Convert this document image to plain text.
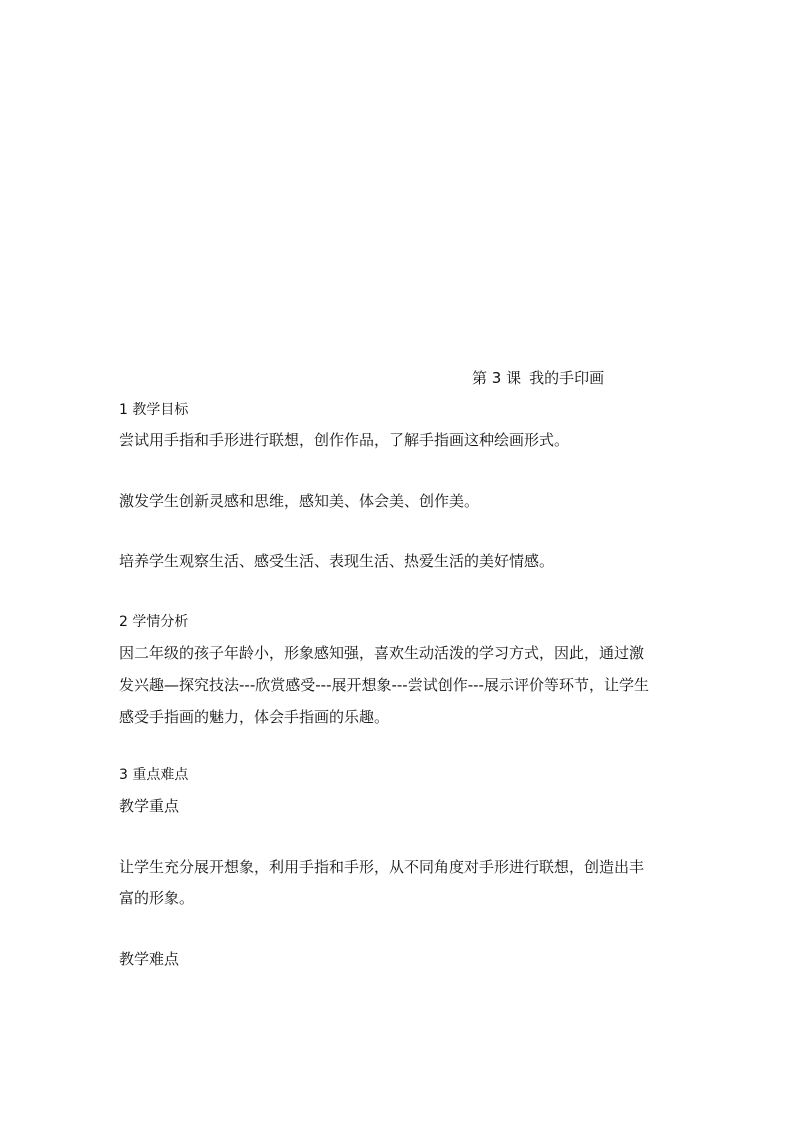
第 3 课 我的手印画
1 教学目标
尝试用手指和手形进行联想，创作作品，了解手指画这种绘画形式。
激发学生创新灵感和思维，感知美、体会美、创作美。
培养学生观察生活、感受生活、表现生活、热爱生活的美好情感。
2 学情分析
因二年级的孩子年龄小，形象感知强，喜欢生动活泼的学习方式，因此，通过激
发兴趣—探究技法---欣赏感受---展开想象---尝试创作---展示评价等环节，让学生
感受手指画的魅力，体会手指画的乐趣。
3 重点难点
教学重点
让学生充分展开想象，利用手指和手形，从不同角度对手形进行联想，创造出丰
富的形象。
教学难点
